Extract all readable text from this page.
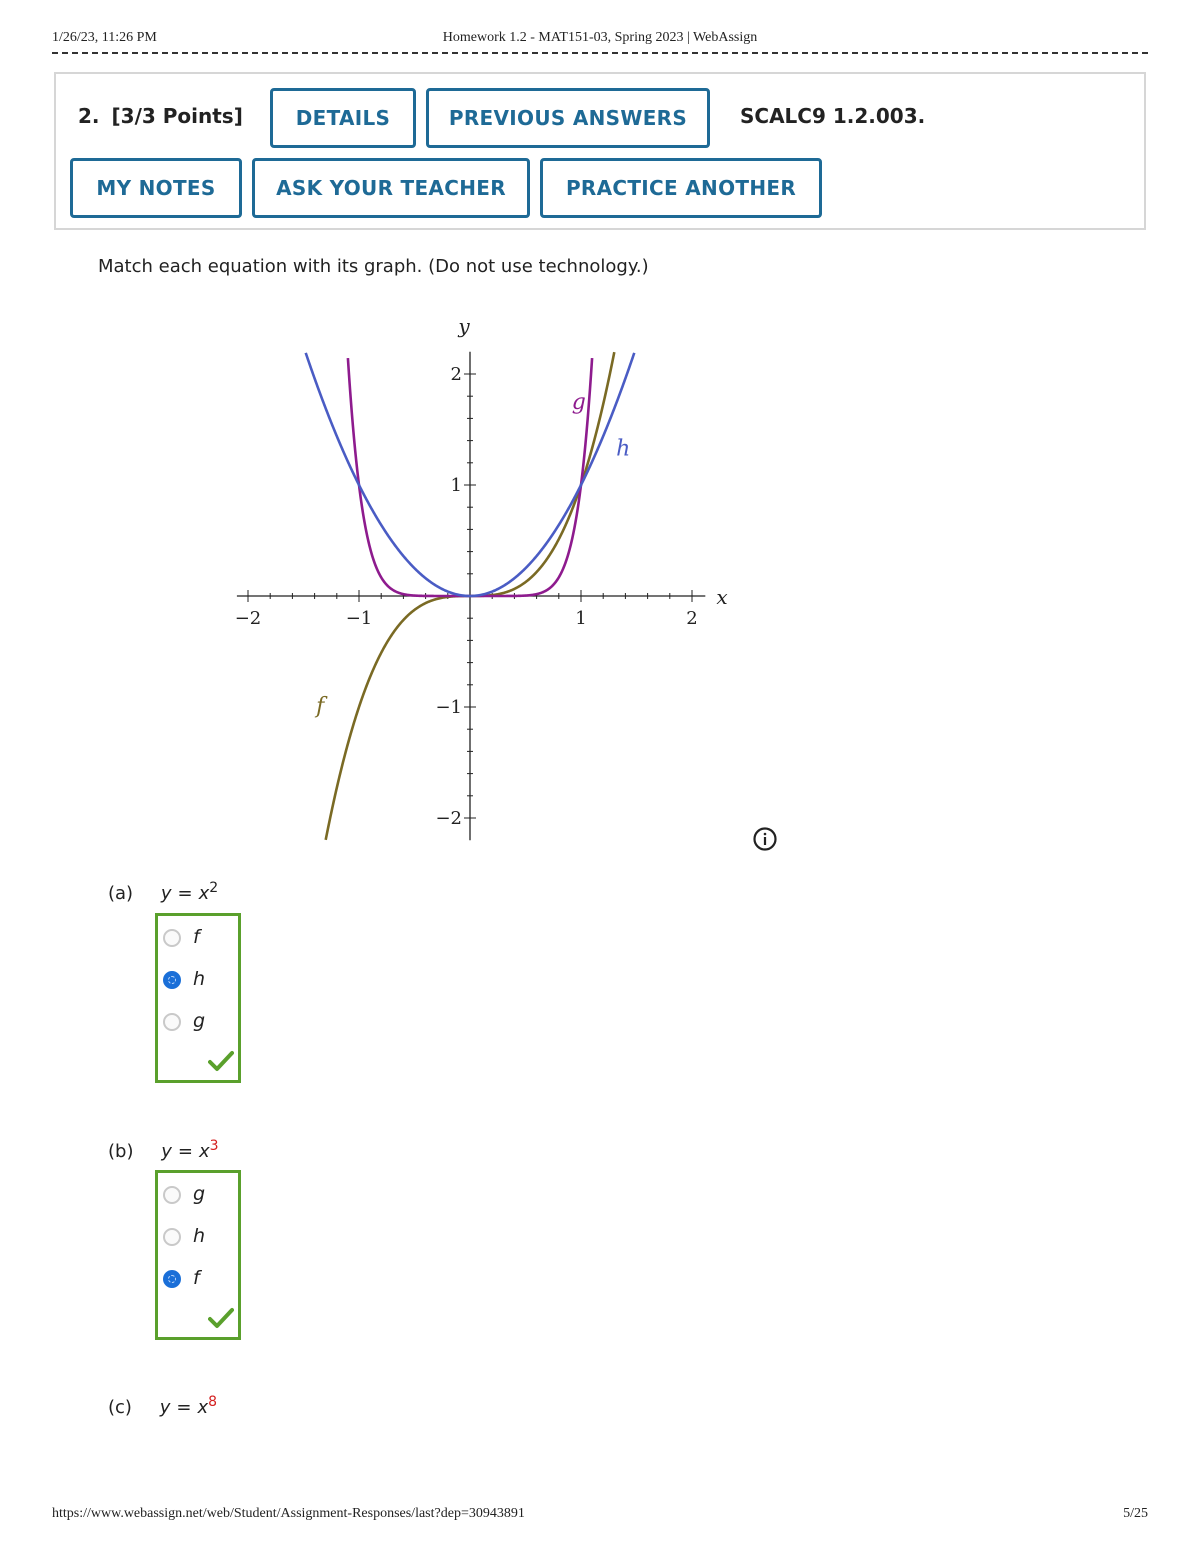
1/26/23, 11:26 PM	Homework 1.2 - MAT151-03, Spring 2023 | WebAssign
2. [3/3 Points]	DETAILS	PREVIOUS ANSWERS	SCALC9 1.2.003.
MY NOTES	ASK YOUR TEACHER	PRACTICE ANOTHER
Match each equation with its graph. (Do not use technology.)
−2	−1	1	2
2
1
−1
−2
x
y
f
g
h
(a) $y = x^2$
f
h
g
(b) $y = x^3$
g
h
f
(c) $y = x^8$
https://www.webassign.net/web/Student/Assignment-Responses/last?dep=30943891	5/25
